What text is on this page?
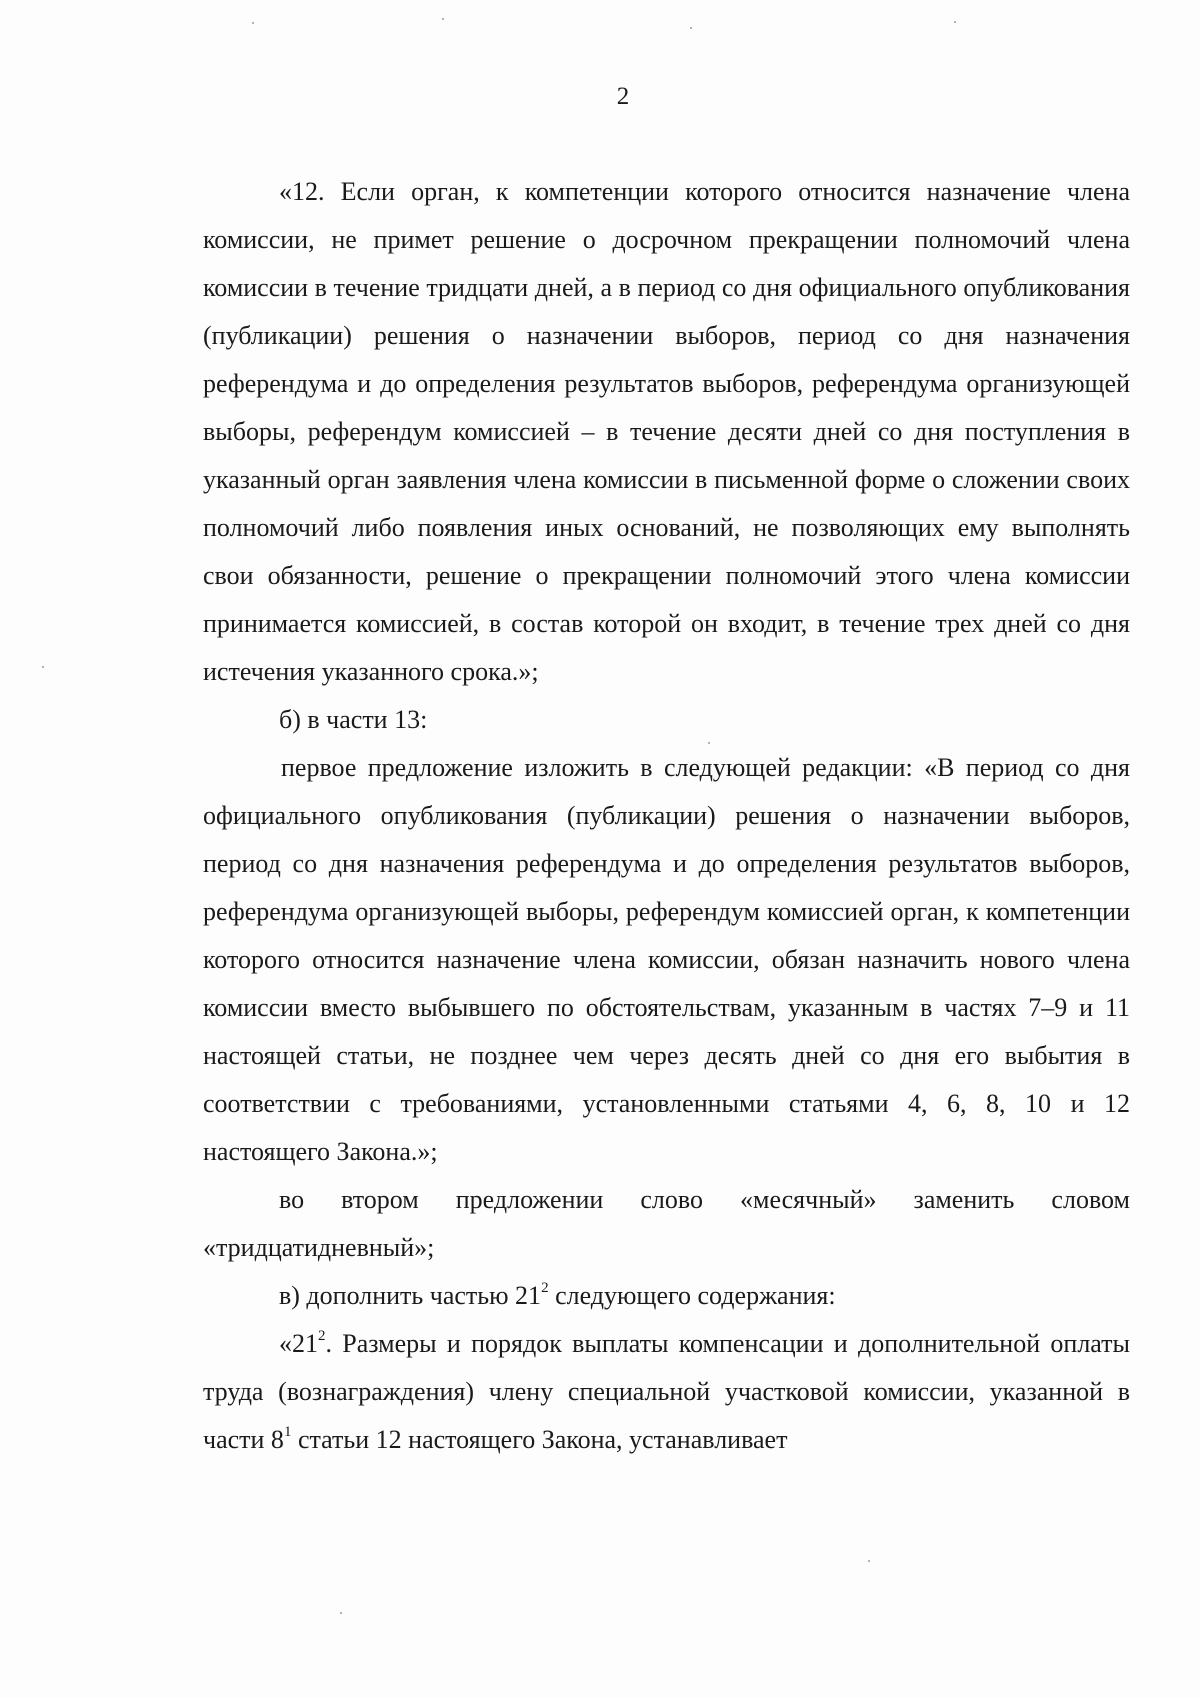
2

«12. Если орган, к компетенции которого относится назначение члена комиссии, не примет решение о досрочном прекращении полномочий члена комиссии в течение тридцати дней, а в период со дня официального опубликования (публикации) решения о назначении выборов, период со дня назначения референдума и до определения результатов выборов, референдума организующей выборы, референдум комиссией – в течение десяти дней со дня поступления в указанный орган заявления члена комиссии в письменной форме о сложении своих полномочий либо появления иных оснований, не позволяющих ему выполнять свои обязанности, решение о прекращении полномочий этого члена комиссии принимается комиссией, в состав которой он входит, в течение трех дней со дня истечения указанного срока.»;

б) в части 13:

первое предложение изложить в следующей редакции: «В период со дня официального опубликования (публикации) решения о назначении выборов, период со дня назначения референдума и до определения результатов выборов, референдума организующей выборы, референдум комиссией орган, к компетенции которого относится назначение члена комиссии, обязан назначить нового члена комиссии вместо выбывшего по обстоятельствам, указанным в частях 7–9 и 11 настоящей статьи, не позднее чем через десять дней со дня его выбытия в соответствии с требованиями, установленными статьями 4, 6, 8, 10 и 12 настоящего Закона.»;

во втором предложении слово «месячный» заменить словом «тридцатидневный»;

в) дополнить частью $21^2$ следующего содержания:

«$21^2$. Размеры и порядок выплаты компенсации и дополнительной оплаты труда (вознаграждения) члену специальной участковой комиссии, указанной в части $8^1$ статьи 12 настоящего Закона, устанавливает
